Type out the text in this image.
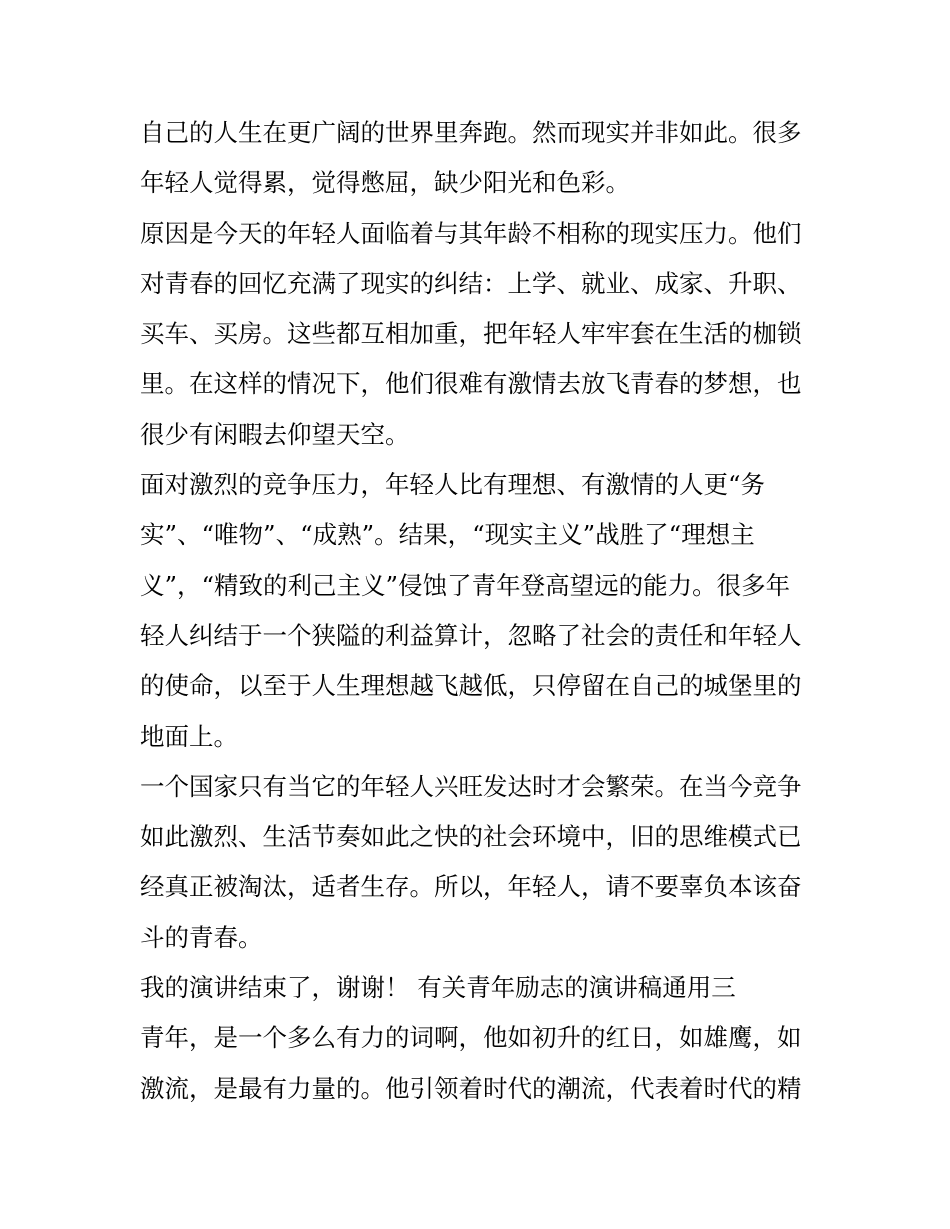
自己的人生在更广阔的世界里奔跑。然而现实并非如此。很多
年轻人觉得累，觉得憋屈，缺少阳光和色彩。
原因是今天的年轻人面临着与其年龄不相称的现实压力。他们
对青春的回忆充满了现实的纠结：上学、就业、成家、升职、
买车、买房。这些都互相加重，把年轻人牢牢套在生活的枷锁
里。在这样的情况下，他们很难有激情去放飞青春的梦想，也
很少有闲暇去仰望天空。
面对激烈的竞争压力，年轻人比有理想、有激情的人更“务
实”、“唯物”、“成熟”。结果，“现实主义”战胜了“理想主
义”，“精致的利己主义”侵蚀了青年登高望远的能力。很多年
轻人纠结于一个狭隘的利益算计，忽略了社会的责任和年轻人
的使命，以至于人生理想越飞越低，只停留在自己的城堡里的
地面上。
一个国家只有当它的年轻人兴旺发达时才会繁荣。在当今竞争
如此激烈、生活节奏如此之快的社会环境中，旧的思维模式已
经真正被淘汰，适者生存。所以，年轻人，请不要辜负本该奋
斗的青春。
我的演讲结束了，谢谢！ 有关青年励志的演讲稿通用三
青年，是一个多么有力的词啊，他如初升的红日，如雄鹰，如
激流，是最有力量的。他引领着时代的潮流，代表着时代的精
